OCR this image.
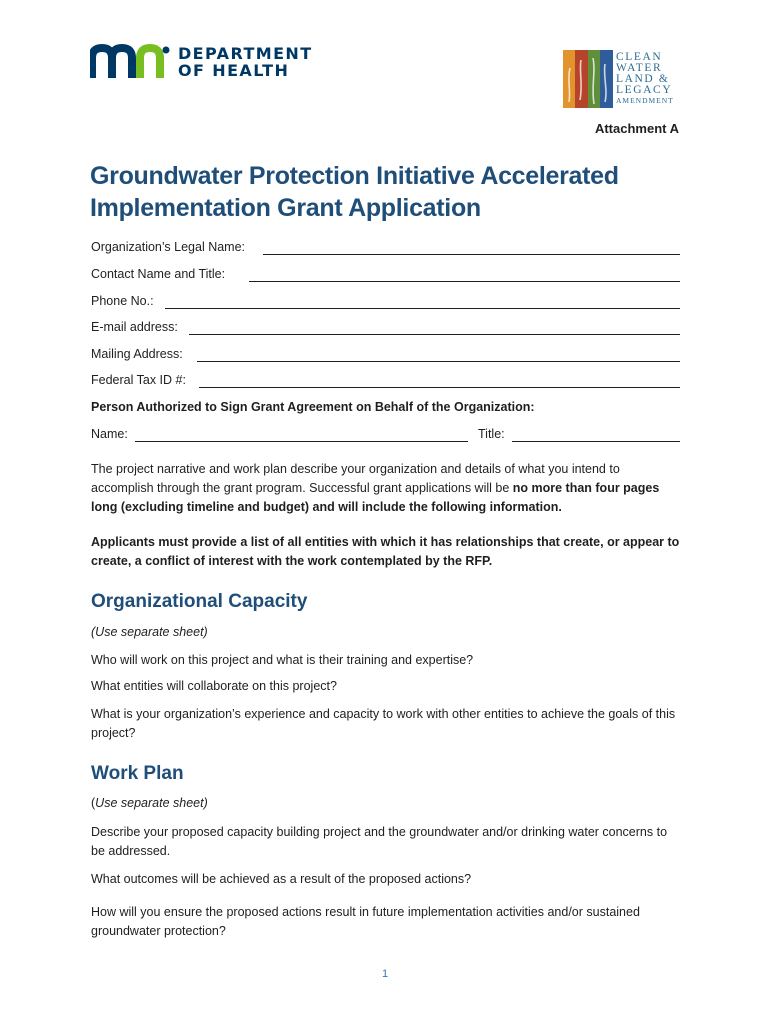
DEPARTMENT
OF HEALTH
CLEAN
WATER
LAND &
LEGACY
AMENDMENT
Attachment A
Groundwater Protection Initiative Accelerated Implementation Grant Application
Organization’s Legal Name:
Contact Name and Title:
Phone No.:
E-mail address:
Mailing Address:
Federal Tax ID #:
Person Authorized to Sign Grant Agreement on Behalf of the Organization:
Name:	Title:
The project narrative and work plan describe your organization and details of what you intend to accomplish through the grant program. Successful grant applications will be no more than four pages long (excluding timeline and budget) and will include the following information.
Applicants must provide a list of all entities with which it has relationships that create, or appear to create, a conflict of interest with the work contemplated by the RFP.
Organizational Capacity
(Use separate sheet)
Who will work on this project and what is their training and expertise?
What entities will collaborate on this project?
What is your organization’s experience and capacity to work with other entities to achieve the goals of this project?
Work Plan
(Use separate sheet)
Describe your proposed capacity building project and the groundwater and/or drinking water concerns to be addressed.
What outcomes will be achieved as a result of the proposed actions?
How will you ensure the proposed actions result in future implementation activities and/or sustained groundwater protection?
1
